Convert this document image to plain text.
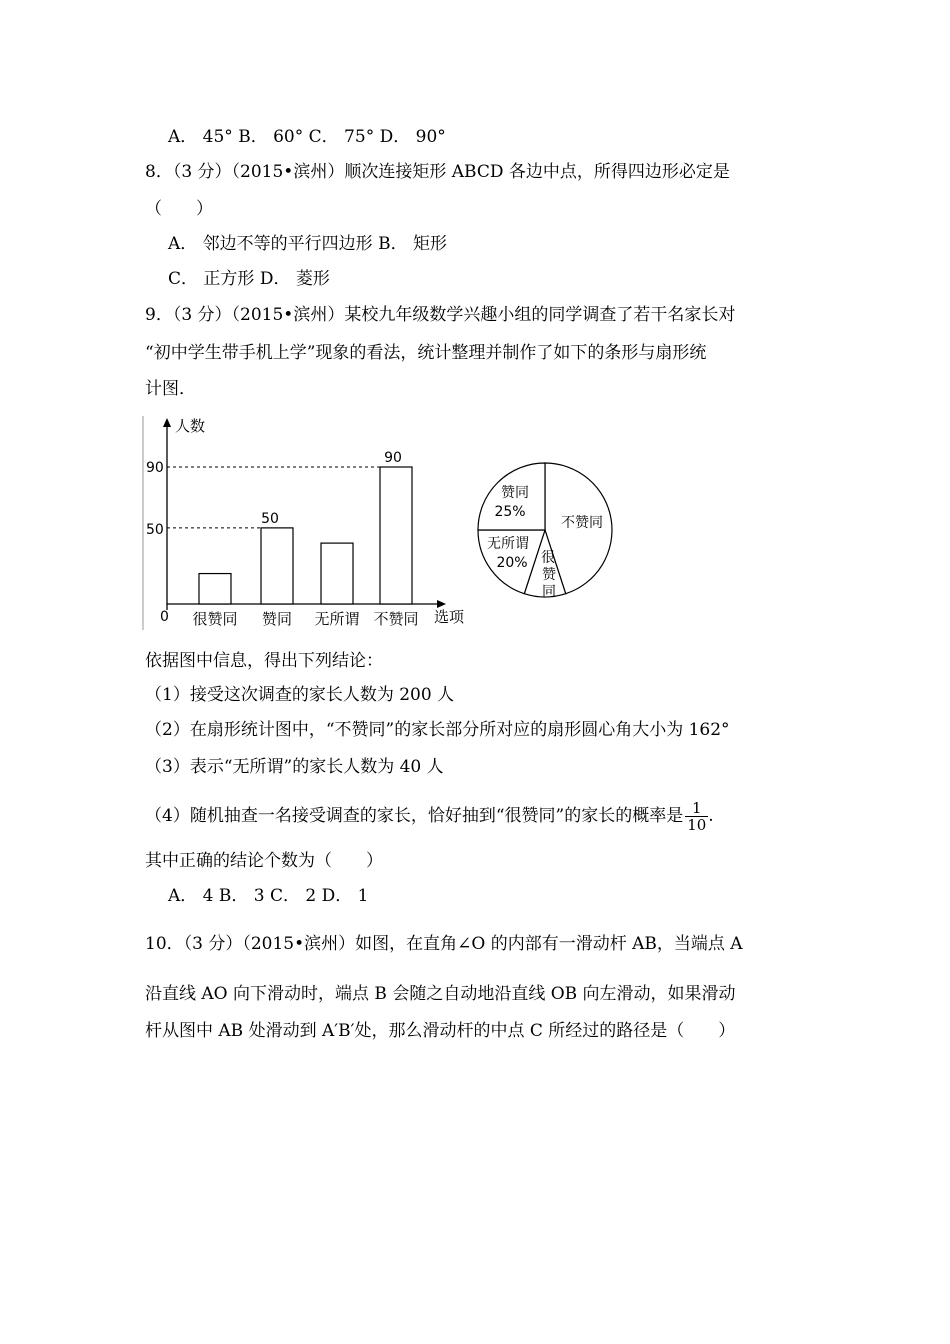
A． 45° B． 60° C． 75° D． 90°
8．（3 分）（2015•滨州）顺次连接矩形 ABCD 各边中点，所得四边形必定是
（　　）
A． 邻边不等的平行四边形 B． 矩形
C． 正方形 D． 菱形
9．（3 分）（2015•滨州）某校九年级数学兴趣小组的同学调查了若干名家长对
“初中学生带手机上学”现象的看法，统计整理并制作了如下的条形与扇形统
计图．
人数
选项
0
50
90
很赞同 赞同 无所谓 不赞同
50
90
赞同
25%
不赞同
无所谓
20% 很
赞
同
依据图中信息，得出下列结论：
（1）接受这次调查的家长人数为 200 人
（2）在扇形统计图中，“不赞同”的家长部分所对应的扇形圆心角大小为 162°
（3）表示“无所谓”的家长人数为 40 人
（4）随机抽查一名接受调查的家长，恰好抽到“很赞同”的家长的概率是 $\frac{1}{10}$ .
其中正确的结论个数为（　　）
A． 4 B． 3 C． 2 D． 1
10．（3 分）（2015•滨州）如图，在直角∠O 的内部有一滑动杆 AB，当端点 A
沿直线 AO 向下滑动时，端点 B 会随之自动地沿直线 OB 向左滑动，如果滑动
杆从图中 AB 处滑动到 A′B′处，那么滑动杆的中点 C 所经过的路径是（　　）
